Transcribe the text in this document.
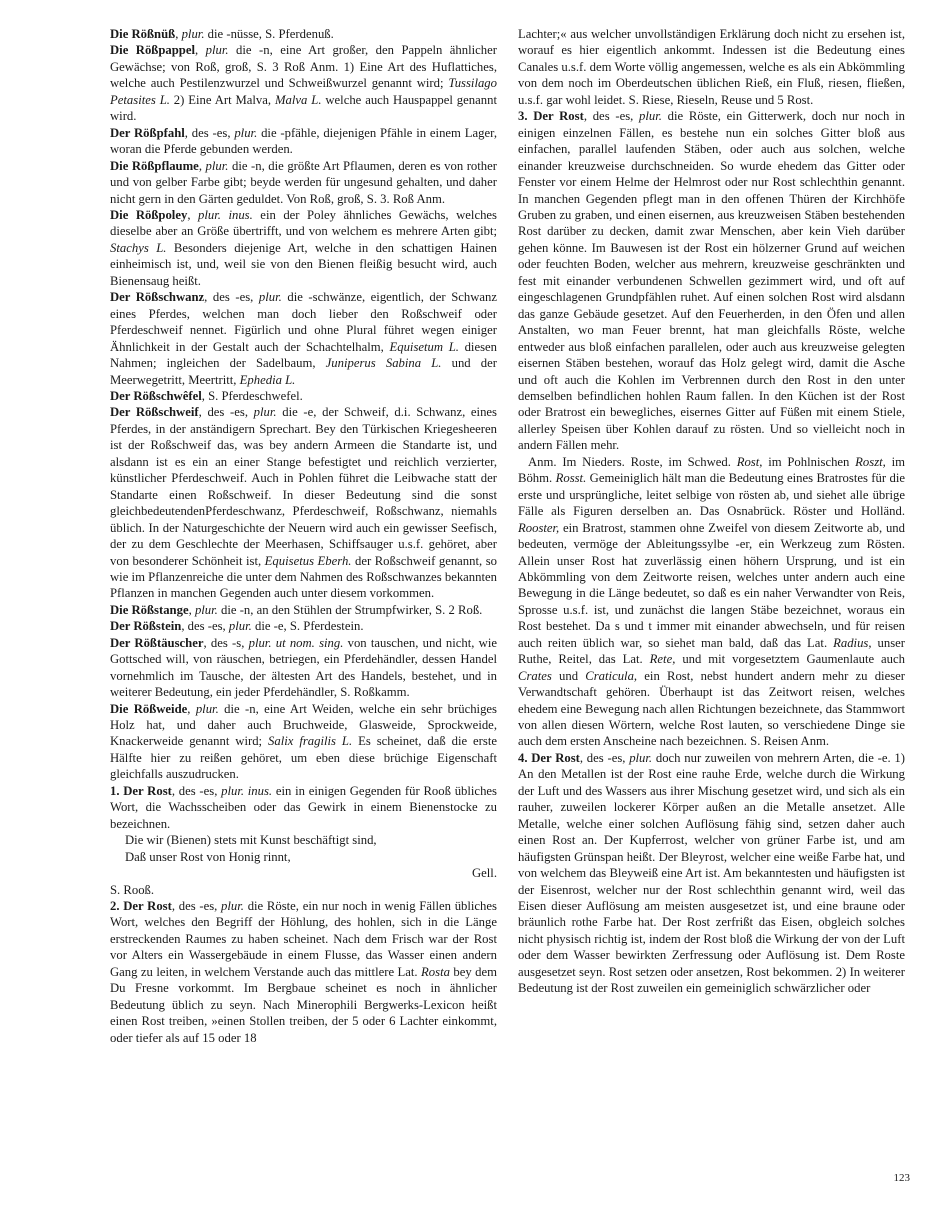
Die Rößnüß, plur. die -nüsse, S. Pferdenuß.

Die Rößpappel, plur. die -n, eine Art großer, den Pappeln ähnlicher Gewächse; von Roß, groß, S. 3 Roß Anm. 1) Eine Art des Huflattiches, welche auch Pestilenzwurzel und Schweißwurzel genannt wird; Tussilago Petasites L. 2) Eine Art Malva, Malva L. welche auch Hauspappel genannt wird.

Der Rößpfahl, des -es, plur. die -pfähle, diejenigen Pfähle in einem Lager, woran die Pferde gebunden werden.

Die Rößpflaume, plur. die -n, die größte Art Pflaumen, deren es von rother und von gelber Farbe gibt; beyde werden für ungesund gehalten, und daher nicht gern in den Gärten geduldet. Von Roß, groß, S. 3. Roß Anm.

Die Rößpoley, plur. inus. ein der Poley ähnliches Gewächs, welches dieselbe aber an Größe übertrifft, und von welchem es mehrere Arten gibt; Stachys L. Besonders diejenige Art, welche in den schattigen Hainen einheimisch ist, und, weil sie von den Bienen fleißig besucht wird, auch Bienensaug heißt.

Der Rößschwanz, des -es, plur. die -schwänze, eigentlich, der Schwanz eines Pferdes, welchen man doch lieber den Roßschweif oder Pferdeschweif nennet. Figürlich und ohne Plural führet wegen einiger Ähnlichkeit in der Gestalt auch der Schachtelhalm, Equisetum L. diesen Nahmen; ingleichen der Sadelbaum, Juniperus Sabina L. und der Meerwegetritt, Meertritt, Ephedia L.

Der Rößschwêfel, S. Pferdeschwefel.

Der Rößschweif, des -es, plur. die -e, der Schweif, d.i. Schwanz, eines Pferdes, in der anständigern Sprechart. Bey den Türkischen Kriegesheeren ist der Roßschweif das, was bey andern Armeen die Standarte ist, und alsdann ist es ein an einer Stange befestigtet und reichlich verzierter, künstlicher Pferdeschweif. Auch in Pohlen führet die Leibwache statt der Standarte einen Roßschweif. In dieser Bedeutung sind die sonst gleichbedeutendenPferdeschwanz, Pferdeschweif, Roßschwanz, niemahls üblich. In der Naturgeschichte der Neuern wird auch ein gewisser Seefisch, der zu dem Geschlechte der Meerhasen, Schiffsauger u.s.f. gehöret, aber von besonderer Schönheit ist, Equisetus Eberh. der Roßschweif genannt, so wie im Pflanzenreiche die unter dem Nahmen des Roßschwanzes bekannten Pflanzen in manchen Gegenden auch unter diesem vorkommen.

Die Rößstange, plur. die -n, an den Stühlen der Strumpfwirker, S. 2 Roß.

Der Rößstein, des -es, plur. die -e, S. Pferdestein.

Der Rößtäuscher, des -s, plur. ut nom. sing. von tauschen, und nicht, wie Gottsched will, von räuschen, betriegen, ein Pferdehändler, dessen Handel vornehmlich im Tausche, der ältesten Art des Handels, bestehet, und in weiterer Bedeutung, ein jeder Pferdehändler, S. Roßkamm.

Die Rößweide, plur. die -n, eine Art Weiden, welche ein sehr brüchiges Holz hat, und daher auch Bruchweide, Glasweide, Sprockweide, Knackerweide genannt wird; Salix fragilis L. Es scheinet, daß die erste Hälfte hier zu reißen gehöret, um eben diese brüchige Eigenschaft gleichfalls auszudrucken.

1. Der Rost, des -es, plur. inus. ein in einigen Gegenden für Rooß übliches Wort, die Wachsscheiben oder das Gewirk in einem Bienenstocke zu bezeichnen.

Die wir (Bienen) stets mit Kunst beschäftigt sind,

Daß unser Rost von Honig rinnt,

Gell.

S. Rooß.

2. Der Rost, des -es, plur. die Röste, ein nur noch in wenig Fällen übliches Wort, welches den Begriff der Höhlung, des hohlen, sich in die Länge erstreckenden Raumes zu haben scheinet. Nach dem Frisch war der Rost vor Alters ein Wassergebäude in einem Flusse, das Wasser einen andern Gang zu leiten, in welchem Verstande auch das mittlere Lat. Rosta bey dem Du Fresne vorkommt. Im Bergbaue scheinet es noch in ähnlicher Bedeutung üblich zu seyn. Nach Minerophili Bergwerks-Lexicon heißt einen Rost treiben, »einen Stollen treiben, der 5 oder 6 Lachter einkommt, oder tiefer als auf 15 oder 18

Lachter;« aus welcher unvollständigen Erklärung doch nicht zu ersehen ist, worauf es hier eigentlich ankommt. Indessen ist die Bedeutung eines Canales u.s.f. dem Worte völlig angemessen, welche es als ein Abkömmling von dem noch im Oberdeutschen üblichen Rieß, ein Fluß, riesen, fließen, u.s.f. gar wohl leidet. S. Riese, Rieseln, Reuse und 5 Rost.

3. Der Rost, des -es, plur. die Röste, ein Gitterwerk, doch nur noch in einigen einzelnen Fällen, es bestehe nun ein solches Gitter bloß aus einfachen, parallel laufenden Stäben, oder auch aus solchen, welche einander kreuzweise durchschneiden. So wurde ehedem das Gitter oder Fenster vor einem Helme der Helmrost oder nur Rost schlechthin genannt. In manchen Gegenden pflegt man in den offenen Thüren der Kirchhöfe Gruben zu graben, und einen eisernen, aus kreuzweisen Stäben bestehenden Rost darüber zu decken, damit zwar Menschen, aber kein Vieh darüber gehen könne. Im Bauwesen ist der Rost ein hölzerner Grund auf weichen oder feuchten Boden, welcher aus mehrern, kreuzweise geschränkten und fest mit einander verbundenen Schwellen gezimmert wird, und oft auf eingeschlagenen Grundpfählen ruhet. Auf einen solchen Rost wird alsdann das ganze Gebäude gesetzet. Auf den Feuerherden, in den Öfen und allen Anstalten, wo man Feuer brennt, hat man gleichfalls Röste, welche entweder aus bloß einfachen parallelen, oder auch aus kreuzweise gelegten eisernen Stäben bestehen, worauf das Holz gelegt wird, damit die Asche und oft auch die Kohlen im Verbrennen durch den Rost in den unter demselben befindlichen hohlen Raum fallen. In den Küchen ist der Rost oder Bratrost ein bewegliches, eisernes Gitter auf Füßen mit einem Stiele, allerley Speisen über Kohlen darauf zu rösten. Und so vielleicht noch in andern Fällen mehr.

Anm. Im Nieders. Roste, im Schwed. Rost, im Pohlnischen Roszt, im Böhm. Rosst. Gemeiniglich hält man die Bedeutung eines Bratrostes für die erste und ursprüngliche, leitet selbige von rösten ab, und siehet alle übrige Fälle als Figuren derselben an. Das Osnabrück. Röster und Holländ. Rooster, ein Bratrost, stammen ohne Zweifel von diesem Zeitworte ab, und bedeuten, vermöge der Ableitungssylbe -er, ein Werkzeug zum Rösten. Allein unser Rost hat zuverlässig einen höhern Ursprung, und ist ein Abkömmling von dem Zeitworte reisen, welches unter andern auch eine Bewegung in die Länge bedeutet, so daß es ein naher Verwandter von Reis, Sprosse u.s.f. ist, und zunächst die langen Stäbe bezeichnet, woraus ein Rost bestehet. Da s und t immer mit einander abwechseln, und für reisen auch reiten üblich war, so siehet man bald, daß das Lat. Radius, unser Ruthe, Reitel, das Lat. Rete, und mit vorgesetztem Gaumenlaute auch Crates und Craticula, ein Rost, nebst hundert andern mehr zu dieser Verwandtschaft gehören. Überhaupt ist das Zeitwort reisen, welches ehedem eine Bewegung nach allen Richtungen bezeichnete, das Stammwort von allen diesen Wörtern, welche Rost lauten, so verschiedene Dinge sie auch dem ersten Anscheine nach bezeichnen. S. Reisen Anm.

4. Der Rost, des -es, plur. doch nur zuweilen von mehrern Arten, die -e. 1) An den Metallen ist der Rost eine rauhe Erde, welche durch die Wirkung der Luft und des Wassers aus ihrer Mischung gesetzet wird, und sich als ein rauher, zuweilen lockerer Körper außen an die Metalle ansetzet. Alle Metalle, welche einer solchen Auflösung fähig sind, setzen daher auch einen Rost an. Der Kupferrost, welcher von grüner Farbe ist, und am häufigsten Grünspan heißt. Der Bleyrost, welcher eine weiße Farbe hat, und von welchem das Bleyweiß eine Art ist. Am bekanntesten und häufigsten ist der Eisenrost, welcher nur der Rost schlechthin genannt wird, weil das Eisen dieser Auflösung am meisten ausgesetzet ist, und eine braune oder bräunlich rothe Farbe hat. Der Rost zerfrißt das Eisen, obgleich solches nicht physisch richtig ist, indem der Rost bloß die Wirkung der von der Luft oder dem Wasser bewirkten Zerfressung oder Auflösung ist. Dem Roste ausgesetzet seyn. Rost setzen oder ansetzen, Rost bekommen. 2) In weiterer Bedeutung ist der Rost zuweilen ein gemeiniglich schwärzlicher oder

123
